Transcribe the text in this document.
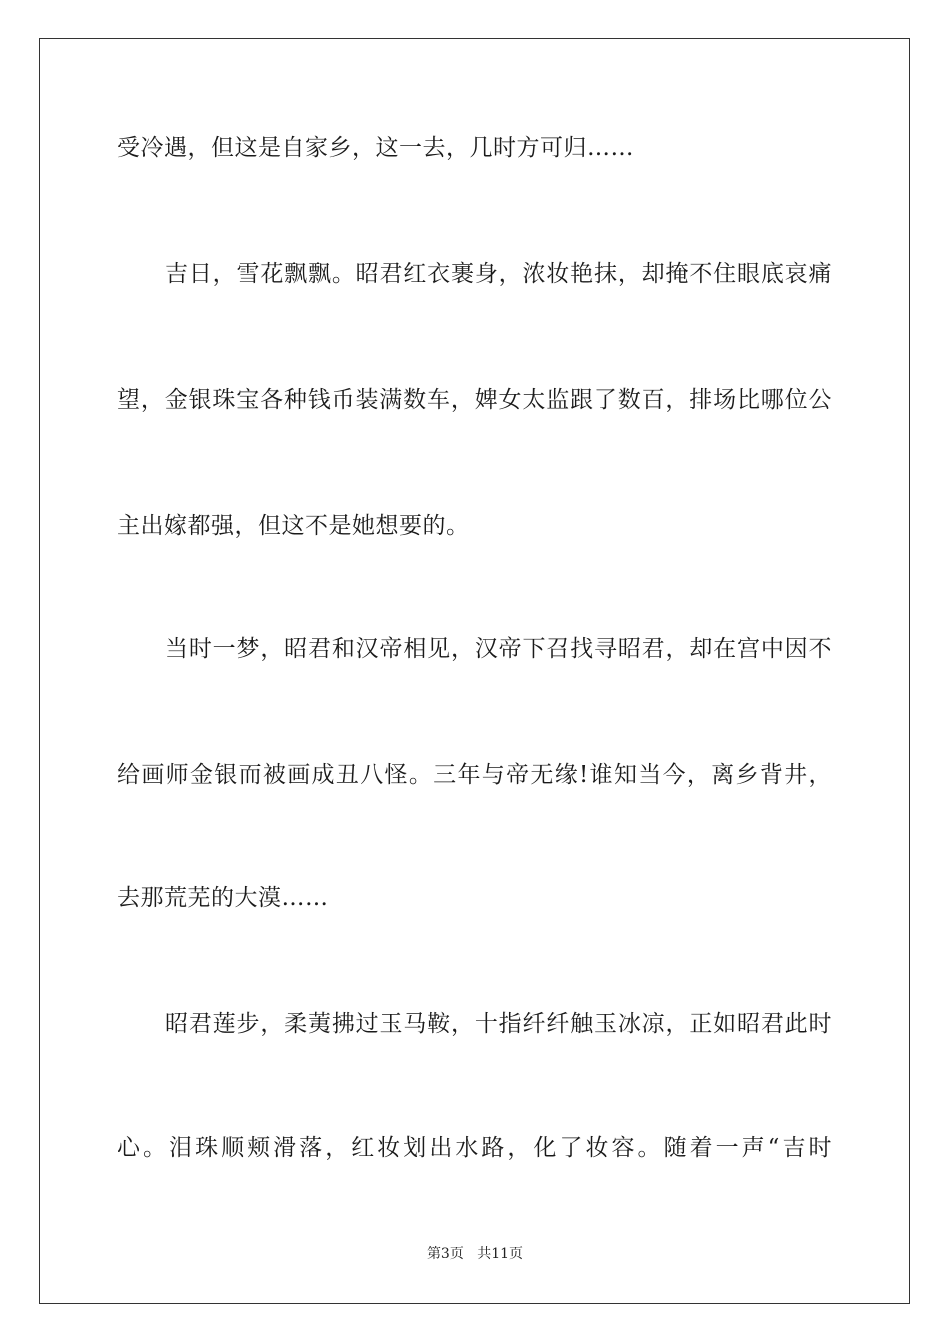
受冷遇，但这是自家乡，这一去，几时方可归……
吉日，雪花飘飘。昭君红衣裹身，浓妆艳抹，却掩不住眼底哀痛
望，金银珠宝各种钱币装满数车，婢女太监跟了数百，排场比哪位公
主出嫁都强，但这不是她想要的。
当时一梦，昭君和汉帝相见，汉帝下召找寻昭君，却在宫中因不
给画师金银而被画成丑八怪。三年与帝无缘!谁知当今，离乡背井，
去那荒芜的大漠……
昭君莲步，柔荑拂过玉马鞍，十指纤纤触玉冰凉，正如昭君此时
心。泪珠顺颊滑落，红妆划出水路，化了妆容。随着一声“吉时
第3页 共11页
